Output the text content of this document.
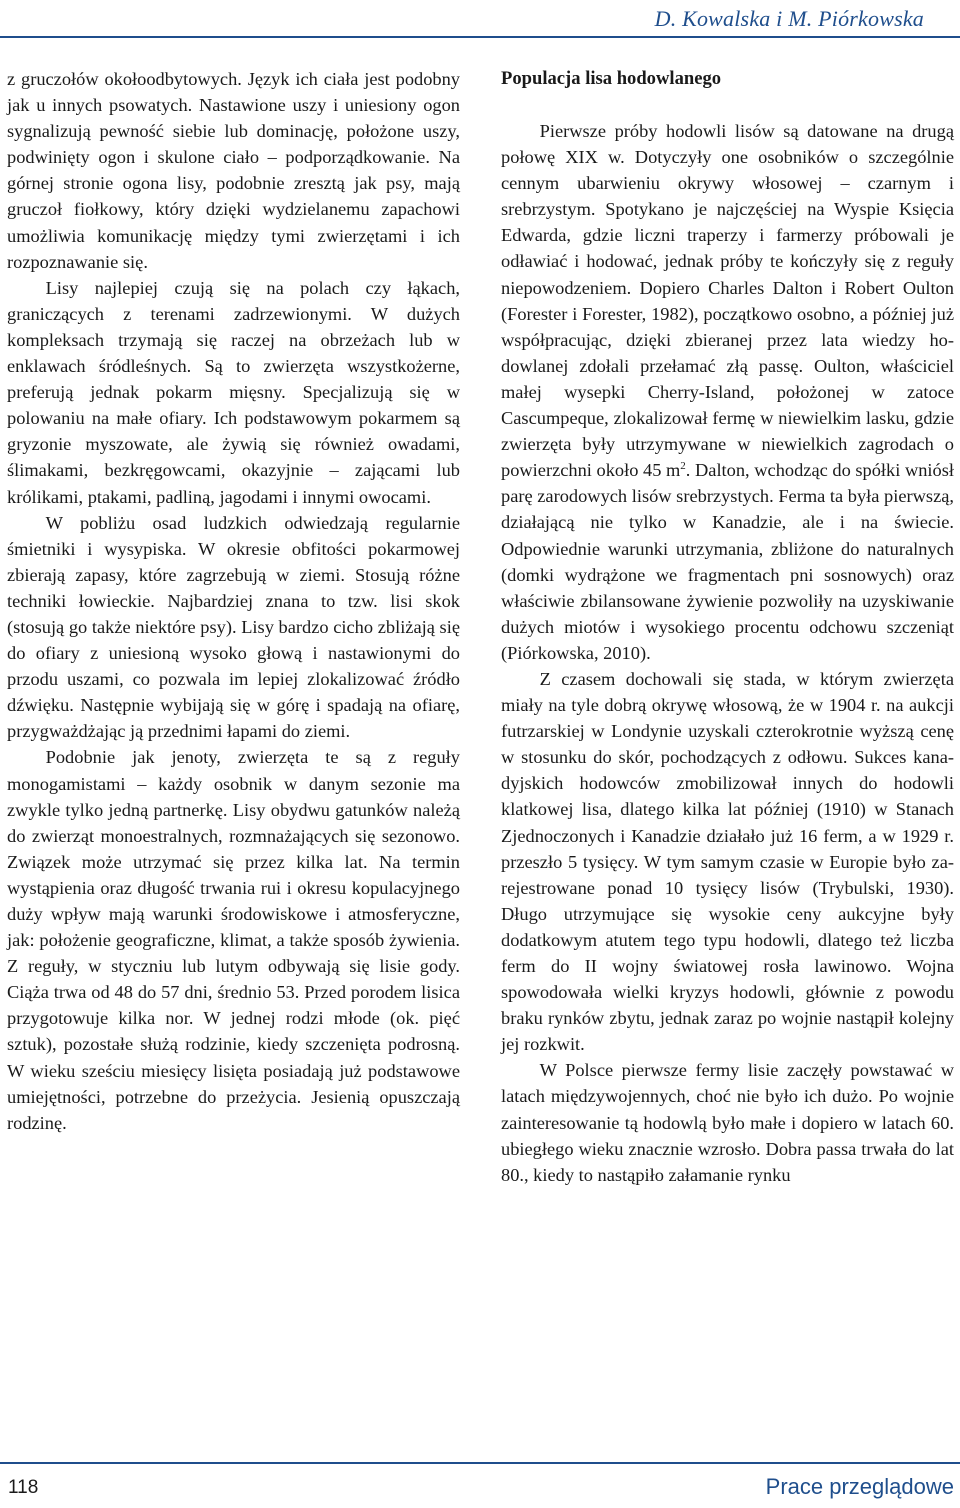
D. Kowalska i M. Piórkowska

z gruczołów okołoodbytowych. Język ich ciała jest podobny jak u innych psowatych. Nastawione uszy i uniesiony ogon sygnalizują pewność siebie lub dominację, położone uszy, podwinięty ogon i skulone ciało – podporządkowanie. Na górnej stronie ogona lisy, podobnie zresztą jak psy, mają gruczoł fiołkowy, który dzięki wydzielanemu zapachowi umożliwia komunikację między tymi zwierzętami i ich rozpoznawanie się.

Lisy najlepiej czują się na polach czy łąkach, graniczących z terenami zadrzewionymi. W dużych kompleksach trzymają się raczej na obrzeżach lub w enklawach śródleśnych. Są to zwierzęta wszystkożerne, preferują jednak pokarm mięsny. Specjalizują się w polowaniu na małe ofiary. Ich podstawowym pokarmem są gryzonie myszowate, ale żywią się również owadami, ślimakami, bezkręgowcami, okazyjnie – zającami lub królikami, ptakami, padliną, jagodami i innymi owocami.

W pobliżu osad ludzkich odwiedzają regularnie śmietniki i wysypiska. W okresie obfitości pokarmowej zbierają zapasy, które zagrzebują w ziemi. Stosują różne techniki łowieckie. Najbardziej znana to tzw. lisi skok (stosują go także niektóre psy). Lisy bardzo cicho zbliżają się do ofiary z uniesioną wysoko głową i nastawionymi do przodu uszami, co pozwala im lepiej zlokalizować źródło dźwięku. Następnie wybijają się w górę i spadają na ofiarę, przygważdżając ją przednimi łapami do ziemi.

Podobnie jak jenoty, zwierzęta te są z reguły monogamistami – każdy osobnik w danym sezonie ma zwykle tylko jedną partnerkę. Lisy obydwu gatunków należą do zwierząt monoestralnych, rozmnażających się sezonowo. Związek może utrzymać się przez kilka lat. Na termin wystąpienia oraz długość trwania rui i okresu kopulacyjnego duży wpływ mają warunki środowiskowe i atmosferyczne, jak: położenie geograficzne, klimat, a także sposób żywienia. Z reguły, w styczniu lub lutym odbywają się lisie gody. Ciąża trwa od 48 do 57 dni, średnio 53. Przed porodem lisica przygotowuje kilka nor. W jednej rodzi młode (ok. pięć sztuk), pozostałe służą rodzinie, kiedy szczenięta podrosną. W wieku sześciu miesięcy lisięta posiadają już podstawowe umiejętności, potrzebne do przeżycia. Jesienią opuszczają rodzinę.

Populacja lisa hodowlanego

Pierwsze próby hodowli lisów są datowane na drugą połowę XIX w. Dotyczyły one osobników o szczególnie cennym ubarwieniu okrywy włosowej – czarnym i srebrzystym. Spotykano je najczęściej na Wyspie Księcia Edwarda, gdzie liczni traperzy i farmerzy próbowali je odławiać i hodować, jednak próby te kończyły się z reguły niepowodzeniem. Dopiero Charles Dalton i Robert Oulton (Forester i Forester, 1982), początkowo osobno, a później już współpracując, dzięki zbieranej przez lata wiedzy hodowlanej zdołali przełamać złą passę. Oulton, właściciel małej wysepki Cherry-Island, położonej w zatoce Cascumpeque, zlokalizował fermę w niewielkim lasku, gdzie zwierzęta były utrzymywane w niewielkich zagrodach o powierzchni około 45 $m^2$. Dalton, wchodząc do spółki wniósł parę zarodowych lisów srebrzystych. Ferma ta była pierwszą, działającą nie tylko w Kanadzie, ale i na świecie. Odpowiednie warunki utrzymania, zbliżone do naturalnych (domki wydrążone we fragmentach pni sosnowych) oraz właściwie zbilansowane żywienie pozwoliły na uzyskiwanie dużych miotów i wysokiego procentu odchowu szczeniąt (Piórkowska, 2010).

Z czasem dochowali się stada, w którym zwierzęta miały na tyle dobrą okrywę włosową, że w 1904 r. na aukcji futrzarskiej w Londynie uzyskali czterokrotnie wyższą cenę w stosunku do skór, pochodzących z odłowu. Sukces kanadyjskich hodowców zmobilizował innych do hodowli klatkowej lisa, dlatego kilka lat później (1910) w Stanach Zjednoczonych i Kanadzie działało już 16 ferm, a w 1929 r. przeszło 5 tysięcy. W tym samym czasie w Europie było zarejestrowane ponad 10 tysięcy lisów (Trybulski, 1930). Długo utrzymujące się wysokie ceny aukcyjne były dodatkowym atutem tego typu hodowli, dlatego też liczba ferm do II wojny światowej rosła lawinowo. Wojna spowodowała wielki kryzys hodowli, głównie z powodu braku rynków zbytu, jednak zaraz po wojnie nastąpił kolejny jej rozkwit.

W Polsce pierwsze fermy lisie zaczęły powstawać w latach międzywojennych, choć nie było ich dużo. Po wojnie zainteresowanie tą hodowlą było małe i dopiero w latach 60. ubiegłego wieku znacznie wzrosło. Dobra passa trwała do lat 80., kiedy to nastąpiło załamanie rynku

118	Prace przeglądowe
